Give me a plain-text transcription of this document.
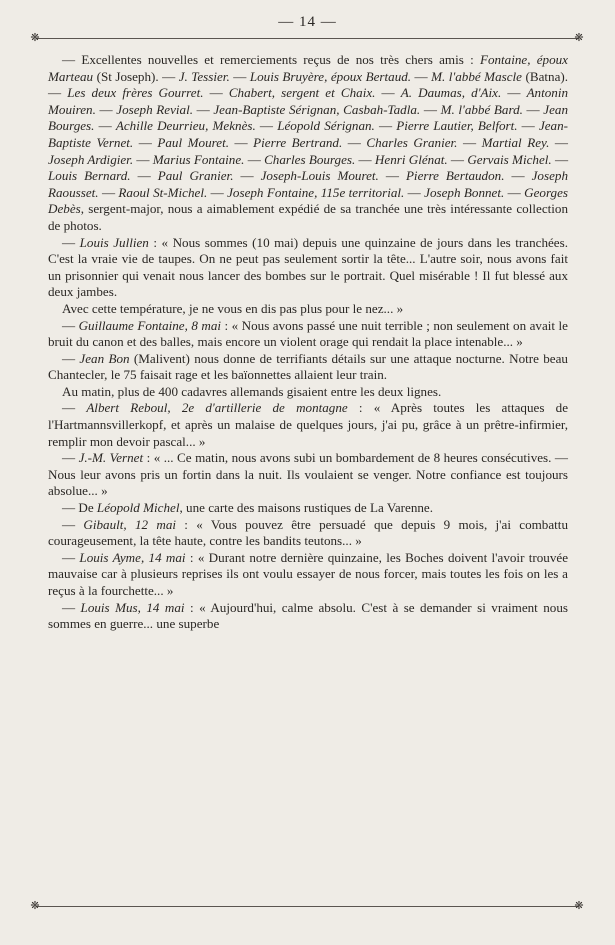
— 14 —
❋	❋
❋	❋

— Excellentes nouvelles et remerciements reçus de nos très chers amis : Fontaine, époux Marteau (St Joseph). — J. Tessier. — Louis Bruyère, époux Bertaud. — M. l'abbé Mascle (Batna). — Les deux frères Gourret. — Chabert, sergent et Chaix. — A. Daumas, d'Aix. — Antonin Mouiren. — Joseph Revial. — Jean-Baptiste Sérignan, Casbah-Tadla. — M. l'abbé Bard. — Jean Bourges. — Achille Deurrieu, Meknès. — Léopold Sérignan. — Pierre Lautier, Belfort. — Jean-Baptiste Vernet. — Paul Mouret. — Pierre Bertrand. — Charles Granier. — Martial Rey. — Joseph Ardigier. — Marius Fontaine. — Charles Bourges. — Henri Glénat. — Gervais Michel. — Louis Bernard. — Paul Granier. — Joseph-Louis Mouret. — Pierre Bertaudon. — Joseph Raousset. — Raoul St-Michel. — Joseph Fontaine, 115e territorial. — Joseph Bonnet. — Georges Debès, sergent-major, nous a aimablement expédié de sa tranchée une très intéressante collection de photos.

— Louis Jullien : « Nous sommes (10 mai) depuis une quinzaine de jours dans les tranchées. C'est la vraie vie de taupes. On ne peut pas seulement sortir la tête... L'autre soir, nous avons fait un prisonnier qui venait nous lancer des bombes sur le portrait. Quel misérable ! Il fut blessé aux deux jambes.

Avec cette température, je ne vous en dis pas plus pour le nez... »

— Guillaume Fontaine, 8 mai : « Nous avons passé une nuit terrible ; non seulement on avait le bruit du canon et des balles, mais encore un violent orage qui rendait la place intenable... »

— Jean Bon (Malivent) nous donne de terrifiants détails sur une attaque nocturne. Notre beau Chantecler, le 75 faisait rage et les baïonnettes allaient leur train.

Au matin, plus de 400 cadavres allemands gisaient entre les deux lignes.

— Albert Reboul, 2e d'artillerie de montagne : « Après toutes les attaques de l'Hartmannsvillerkopf, et après un malaise de quelques jours, j'ai pu, grâce à un prêtre-infirmier, remplir mon devoir pascal... »

— J.-M. Vernet : « ... Ce matin, nous avons subi un bombardement de 8 heures consécutives. — Nous leur avons pris un fortin dans la nuit. Ils voulaient se venger. Notre confiance est toujours absolue... »

— De Léopold Michel, une carte des maisons rustiques de La Varenne.

— Gibault, 12 mai : « Vous pouvez être persuadé que depuis 9 mois, j'ai combattu courageusement, la tête haute, contre les bandits teutons... »

— Louis Ayme, 14 mai : « Durant notre dernière quinzaine, les Boches doivent l'avoir trouvée mauvaise car à plusieurs reprises ils ont voulu essayer de nous forcer, mais toutes les fois on les a reçus à la fourchette... »

— Louis Mus, 14 mai : « Aujourd'hui, calme absolu. C'est à se demander si vraiment nous sommes en guerre... une superbe
